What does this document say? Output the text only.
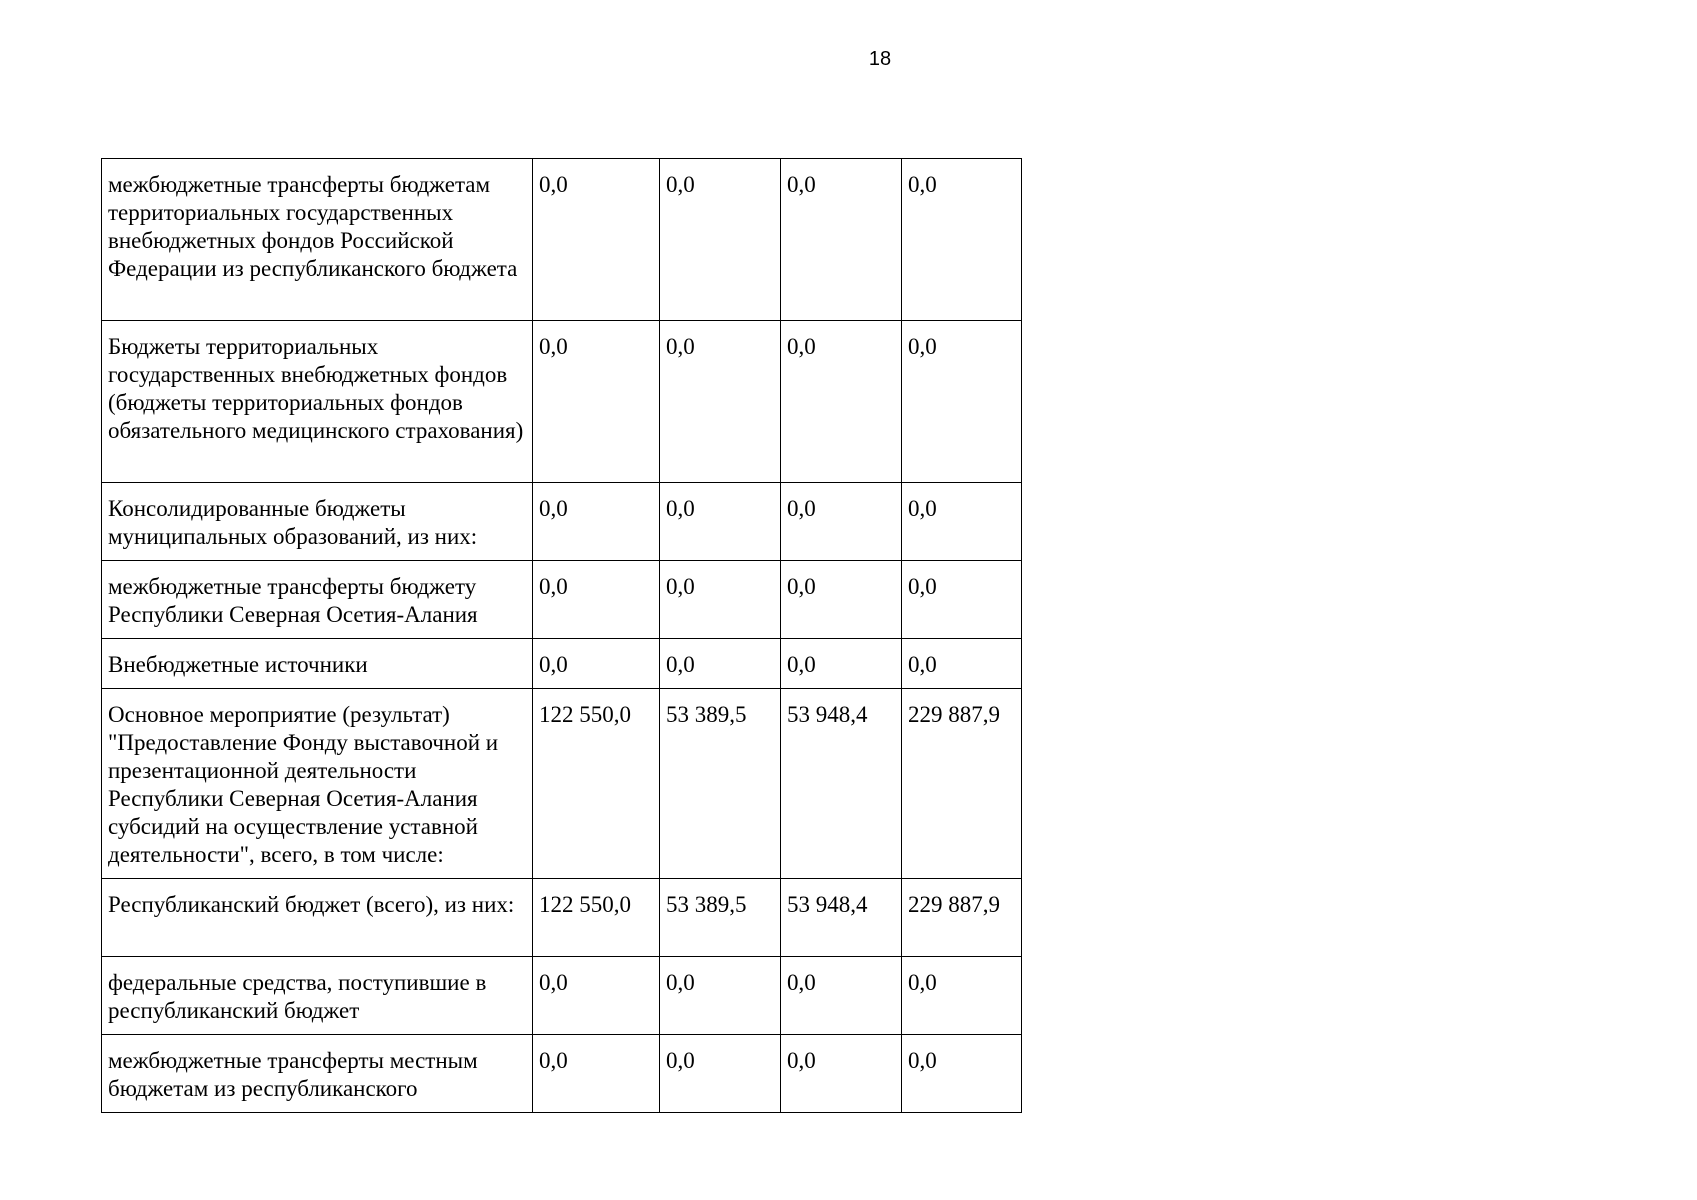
18
межбюджетные трансферты бюджетам территориальных государственных внебюджетных фондов Российской Федерации из республиканского бюджета	0,0	0,0	0,0	0,0
Бюджеты территориальных государственных внебюджетных фондов (бюджеты территориальных фондов обязательного медицинского страхования)	0,0	0,0	0,0	0,0
Консолидированные бюджеты муниципальных образований, из них:	0,0	0,0	0,0	0,0
межбюджетные трансферты бюджету Республики Северная Осетия-Алания	0,0	0,0	0,0	0,0
Внебюджетные источники	0,0	0,0	0,0	0,0
Основное мероприятие (результат) "Предоставление Фонду выставочной и презентационной деятельности Республики Северная Осетия-Алания субсидий на осуществление уставной деятельности", всего, в том числе:	122 550,0	53 389,5	53 948,4	229 887,9
Республиканский бюджет (всего), из них:	122 550,0	53 389,5	53 948,4	229 887,9
федеральные средства, поступившие в республиканский бюджет	0,0	0,0	0,0	0,0
межбюджетные трансферты местным бюджетам из республиканского	0,0	0,0	0,0	0,0
